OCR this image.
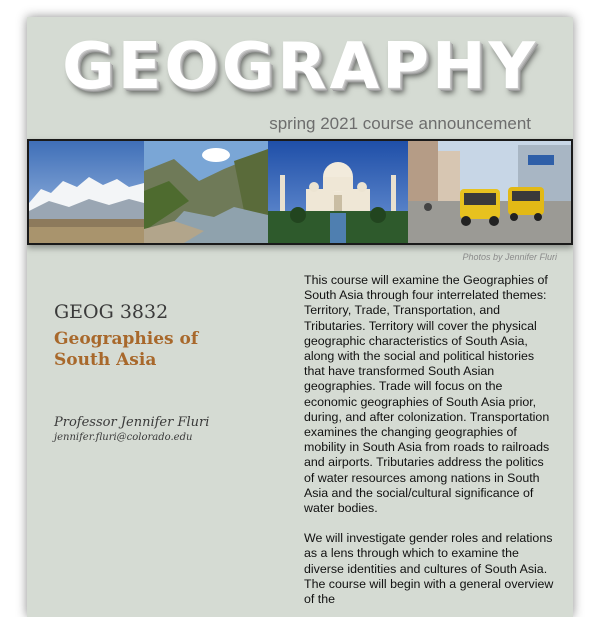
GEOGRAPHY
spring 2021 course announcement
Photos by Jennifer Fluri
GEOG 3832
Geographies of South Asia
Professor Jennifer Fluri
jennifer.fluri@colorado.edu

This course will examine the Geographies of South Asia through four interrelated themes: Territory, Trade, Transportation, and Tributaries. Territory will cover the physical geographic characteristics of South Asia, along with the social and political histories that have transformed South Asian geographies. Trade will focus on the economic geographies of South Asia prior, during, and after colonization. Transportation examines the changing geographies of mobility in South Asia from roads to railroads and airports. Tributaries address the politics of water resources among nations in South Asia and the social/cultural significance of water bodies.

We will investigate gender roles and relations as a lens through which to examine the diverse identities and cultures of South Asia. The course will begin with a general overview of the
